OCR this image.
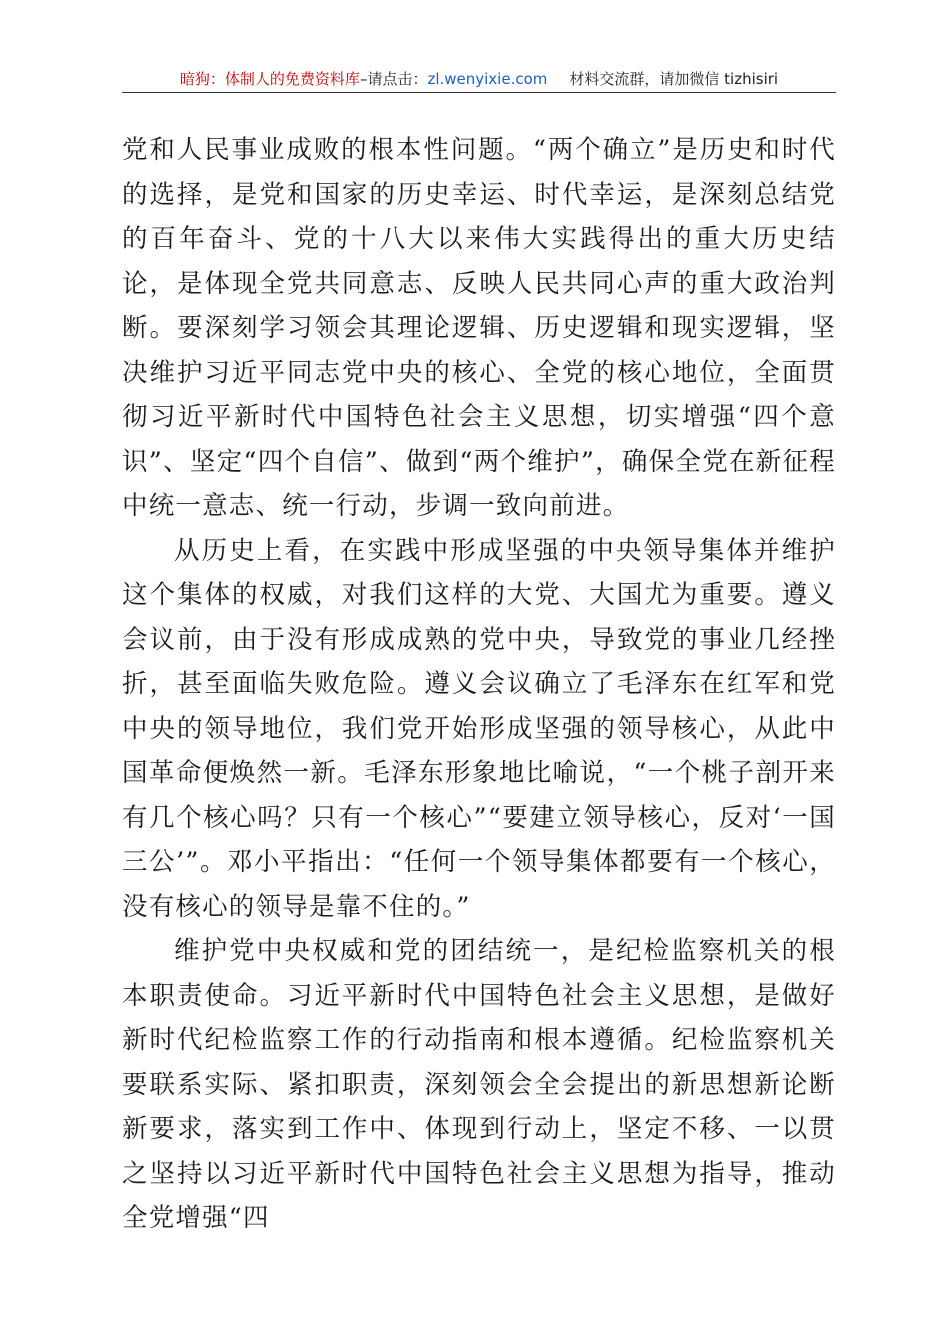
暗狗：体制人的免费资料库–请点击：zl.wenyixie.com 材料交流群，请加微信 tizhisiri

党和人民事业成败的根本性问题。“两个确立”是历史和时代的选择，是党和国家的历史幸运、时代幸运，是深刻总结党的百年奋斗、党的十八大以来伟大实践得出的重大历史结论，是体现全党共同意志、反映人民共同心声的重大政治判断。要深刻学习领会其理论逻辑、历史逻辑和现实逻辑，坚决维护习近平同志党中央的核心、全党的核心地位，全面贯彻习近平新时代中国特色社会主义思想，切实增强“四个意识”、坚定“四个自信”、做到“两个维护”，确保全党在新征程中统一意志、统一行动，步调一致向前进。

从历史上看，在实践中形成坚强的中央领导集体并维护这个集体的权威，对我们这样的大党、大国尤为重要。遵义会议前，由于没有形成成熟的党中央，导致党的事业几经挫折，甚至面临失败危险。遵义会议确立了毛泽东在红军和党中央的领导地位，我们党开始形成坚强的领导核心，从此中国革命便焕然一新。毛泽东形象地比喻说，“一个桃子剖开来有几个核心吗？只有一个核心”“要建立领导核心，反对‘一国三公’”。邓小平指出：“任何一个领导集体都要有一个核心，没有核心的领导是靠不住的。”

维护党中央权威和党的团结统一，是纪检监察机关的根本职责使命。习近平新时代中国特色社会主义思想，是做好新时代纪检监察工作的行动指南和根本遵循。纪检监察机关要联系实际、紧扣职责，深刻领会全会提出的新思想新论断新要求，落实到工作中、体现到行动上，坚定不移、一以贯之坚持以习近平新时代中国特色社会主义思想为指导，推动全党增强“四
